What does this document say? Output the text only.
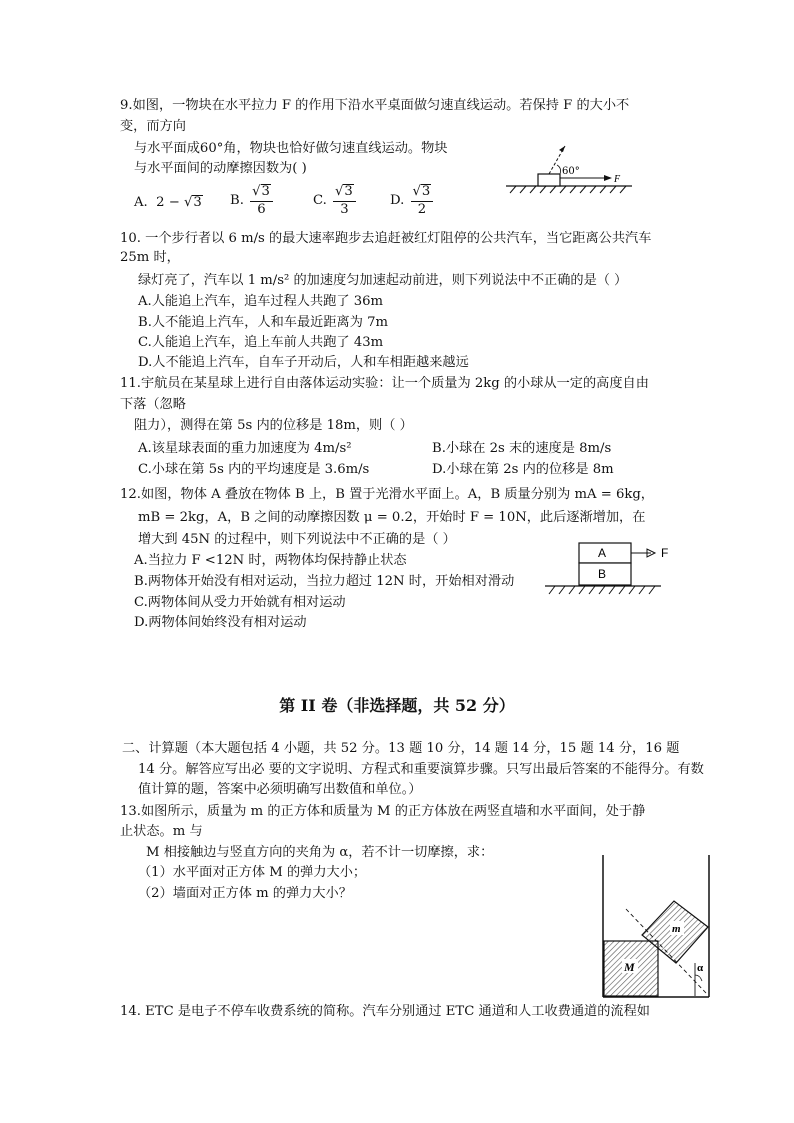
9.如图，一物块在水平拉力 F 的作用下沿水平桌面做匀速直线运动。若保持 F 的大小不
变，而方向
与水平面成60°角，物块也恰好做匀速直线运动。物块
与水平面间的动摩擦因数为( )
A. 2 − √3 B. $\frac{√3}{6}$	C. $\frac{√3}{3}$	D. $\frac{√3}{2}$
60°
F
10. 一个步行者以 6 m/s 的最大速率跑步去追赶被红灯阻停的公共汽车，当它距离公共汽车
25m 时，
绿灯亮了，汽车以 1 m/s² 的加速度匀加速起动前进，则下列说法中不正确的是（ ）
A.人能追上汽车，追车过程人共跑了 36m
B.人不能追上汽车，人和车最近距离为 7m
C.人能追上汽车，追上车前人共跑了 43m
D.人不能追上汽车，自车子开动后，人和车相距越来越远
11.宇航员在某星球上进行自由落体运动实验：让一个质量为 2kg 的小球从一定的高度自由
下落（忽略
阻力），测得在第 5s 内的位移是 18m，则（ ）
A.该星球表面的重力加速度为 4m/s²	B.小球在 2s 末的速度是 8m/s
C.小球在第 5s 内的平均速度是 3.6m/s	D.小球在第 2s 内的位移是 8m
12.如图，物体 A 叠放在物体 B 上，B 置于光滑水平面上。A，B 质量分别为 mA = 6kg，
mB = 2kg，A，B 之间的动摩擦因数 μ = 0.2，开始时 F = 10N，此后逐渐增加，在
增大到 45N 的过程中，则下列说法中不正确的是（ ）
A.当拉力 F <12N 时，两物体均保持静止状态
B.两物体开始没有相对运动，当拉力超过 12N 时，开始相对滑动
C.两物体间从受力开始就有相对运动
D.两物体间始终没有相对运动
A
B
F
第 II 卷（非选择题，共 52 分）
二、计算题（本大题包括 4 小题，共 52 分。13 题 10 分，14 题 14 分，15 题 14 分，16 题
14 分。解答应写出必 要的文字说明、方程式和重要演算步骤。只写出最后答案的不能得分。有数
值计算的题，答案中必须明确写出数值和单位。）
13.如图所示，质量为 m 的正方体和质量为 M 的正方体放在两竖直墙和水平面间，处于静
止状态。m 与
M 相接触边与竖直方向的夹角为 α，若不计一切摩擦，求：
（1）水平面对正方体 M 的弹力大小；
（2）墙面对正方体 m 的弹力大小？
m
M	α
14. ETC 是电子不停车收费系统的简称。汽车分别通过 ETC 通道和人工收费通道的流程如
